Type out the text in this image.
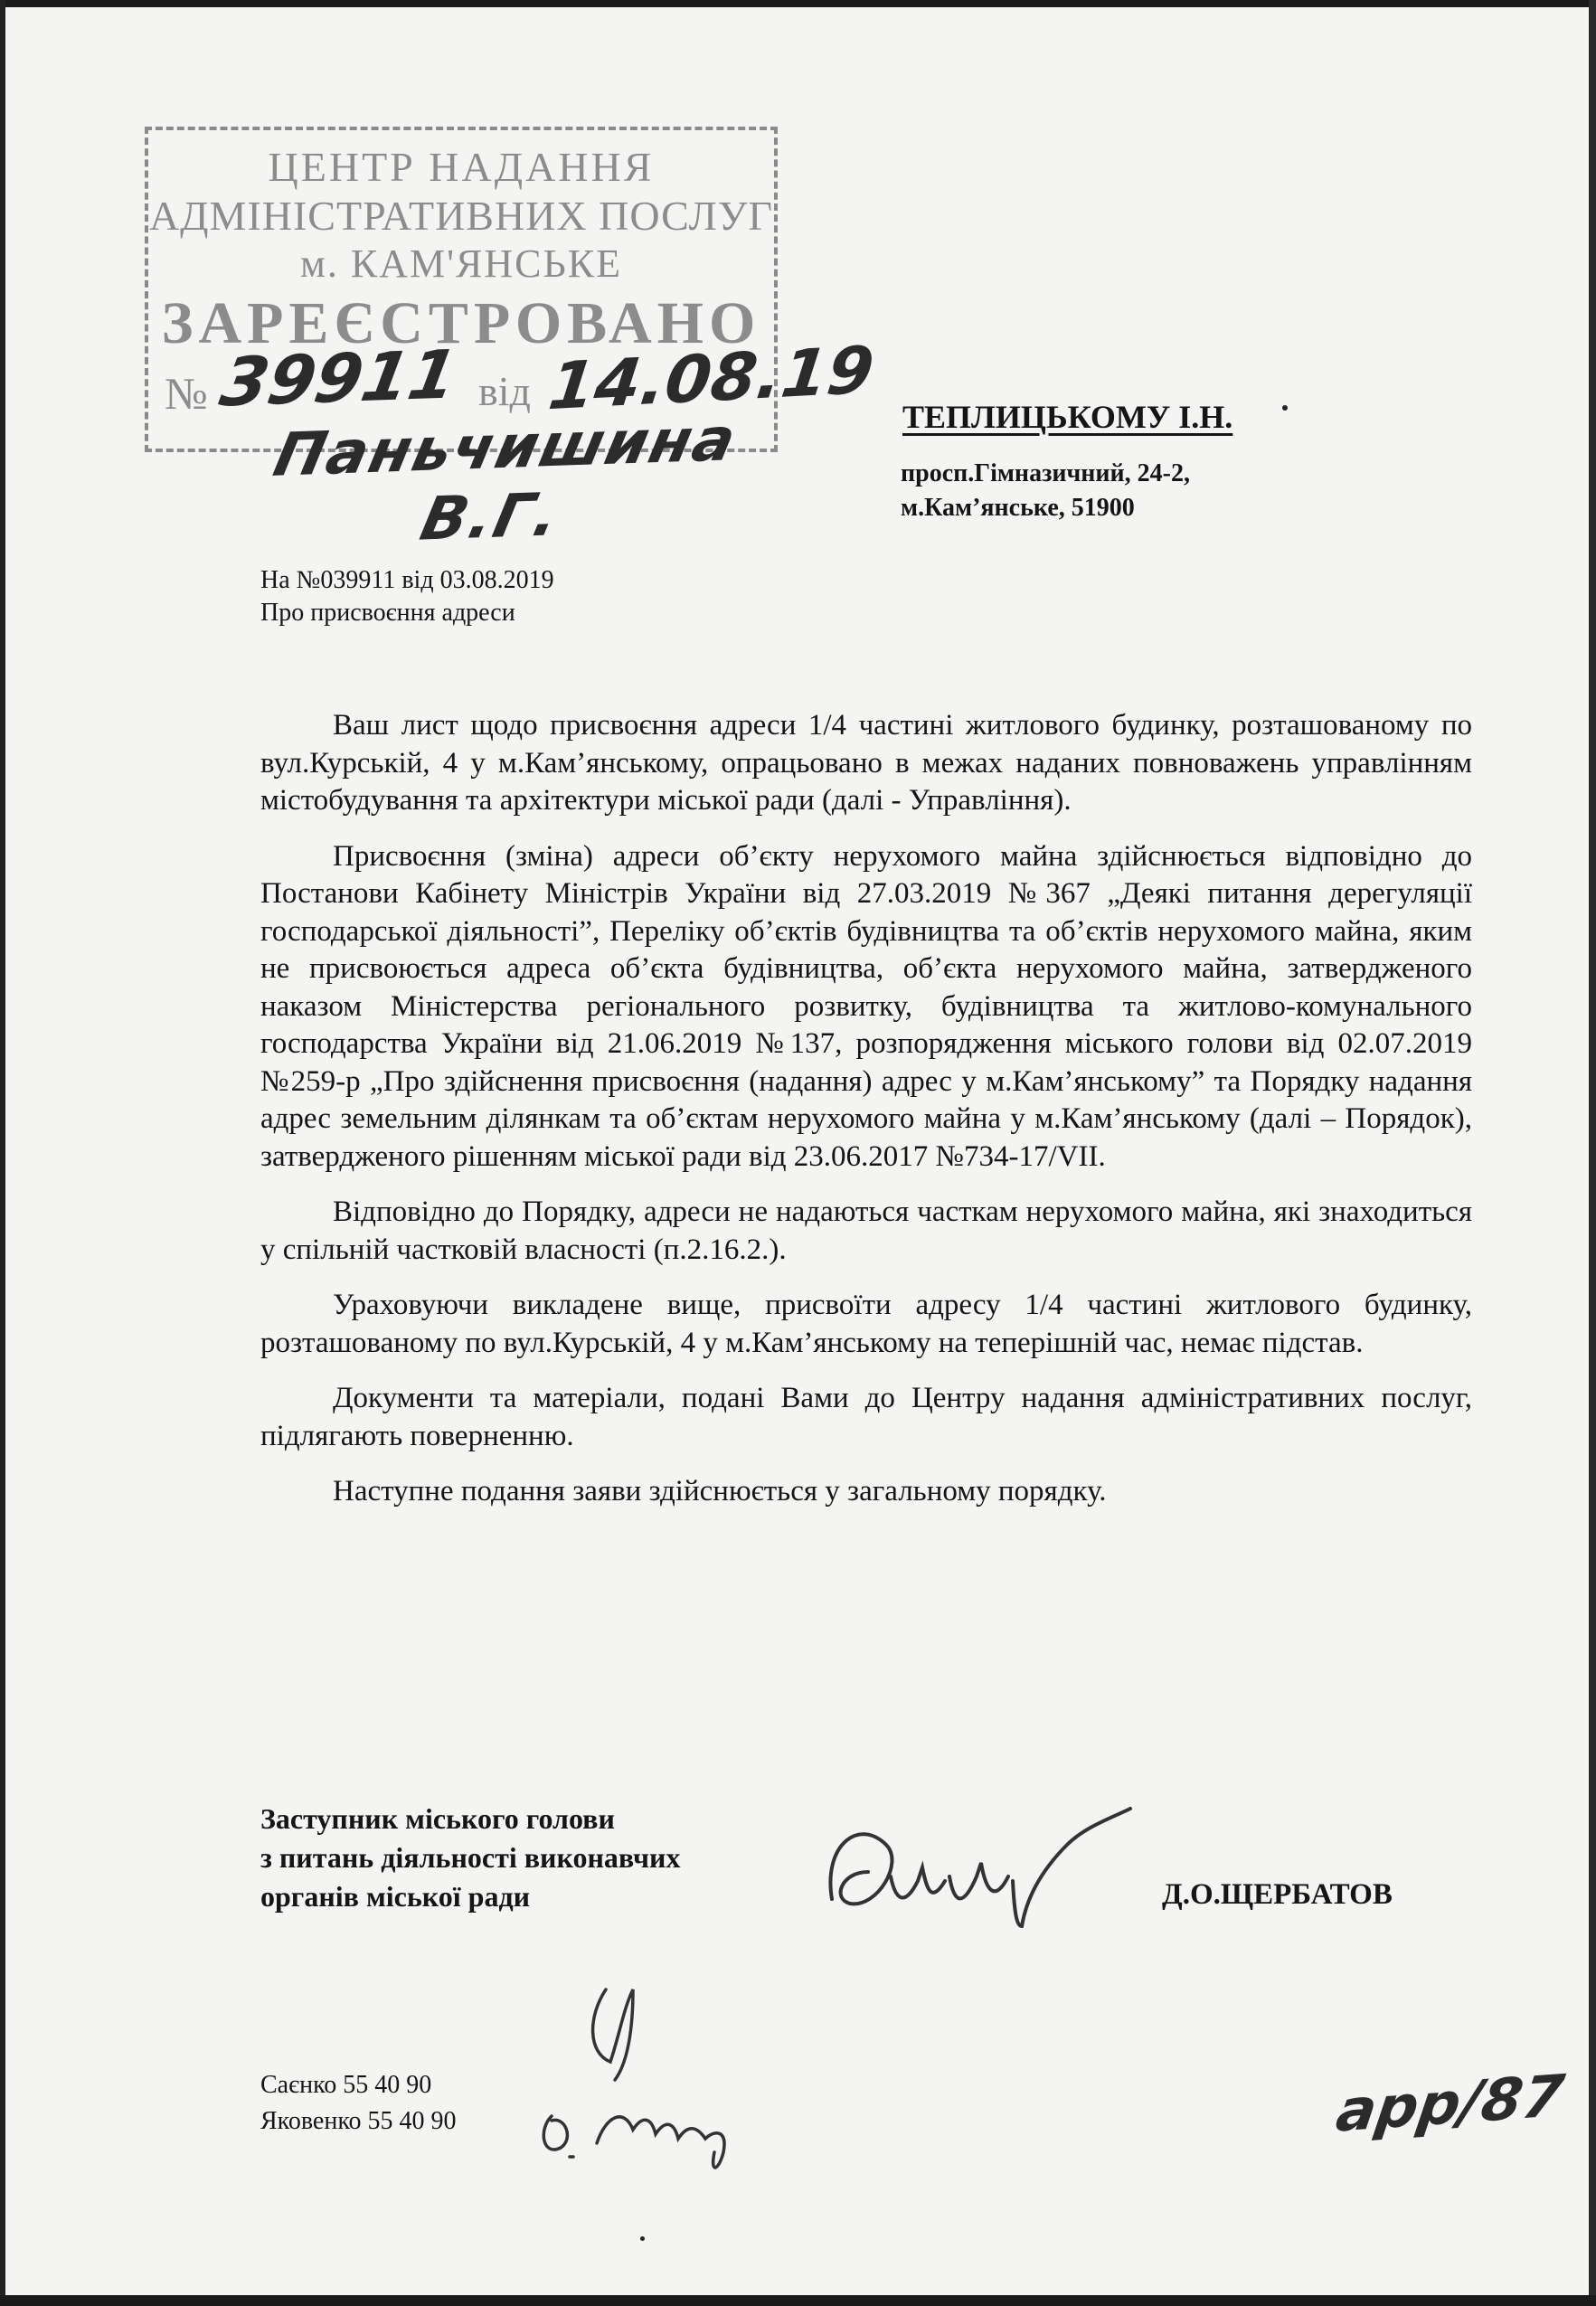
ЦЕНТР НАДАННЯ
АДМІНІСТРАТИВНИХ ПОСЛУГ
м. КАМ'ЯНСЬКЕ
ЗАРЕЄСТРОВАНО
№ 39911 від 14.08.19
Паньчишина В.Г.
ТЕПЛИЦЬКОМУ І.Н.
просп.Гімназичний, 24-2,
м.Кам’янське, 51900
На №039911 від 03.08.2019
Про присвоєння адреси

Ваш лист щодо присвоєння адреси 1/4 частині житлового будинку, розташованому по вул.Курській, 4 у м.Кам’янському, опрацьовано в межах наданих повноважень управлінням містобудування та архітектури міської ради (далі - Управління).

Присвоєння (зміна) адреси об’єкту нерухомого майна здійснюється відповідно до Постанови Кабінету Міністрів України від 27.03.2019 №367 „Деякі питання дерегуляції господарської діяльності”, Переліку об’єктів будівництва та об’єктів нерухомого майна, яким не присвоюється адреса об’єкта будівництва, об’єкта нерухомого майна, затвердженого наказом Міністерства регіонального розвитку, будівництва та житлово-комунального господарства України від 21.06.2019 №137, розпорядження міського голови від 02.07.2019 №259-р „Про здійснення присвоєння (надання) адрес у м.Кам’янському” та Порядку надання адрес земельним ділянкам та об’єктам нерухомого майна у м.Кам’янському (далі – Порядок), затвердженого рішенням міської ради від 23.06.2017 №734-17/VII.

Відповідно до Порядку, адреси не надаються часткам нерухомого майна, які знаходиться у спільній частковій власності (п.2.16.2.).

Ураховуючи викладене вище, присвоїти адресу 1/4 частині житлового будинку, розташованому по вул.Курській, 4 у м.Кам’янському на теперішній час, немає підстав.

Документи та матеріали, подані Вами до Центру надання адміністративних послуг, підлягають поверненню.

Наступне подання заяви здійснюється у загальному порядку.

Заступник міського голови
з питань діяльності виконавчих
органів міської ради	Д.О.ЩЕРБАТОВ
Саєнко 55 40 90
Яковенко 55 40 90	арр/87
